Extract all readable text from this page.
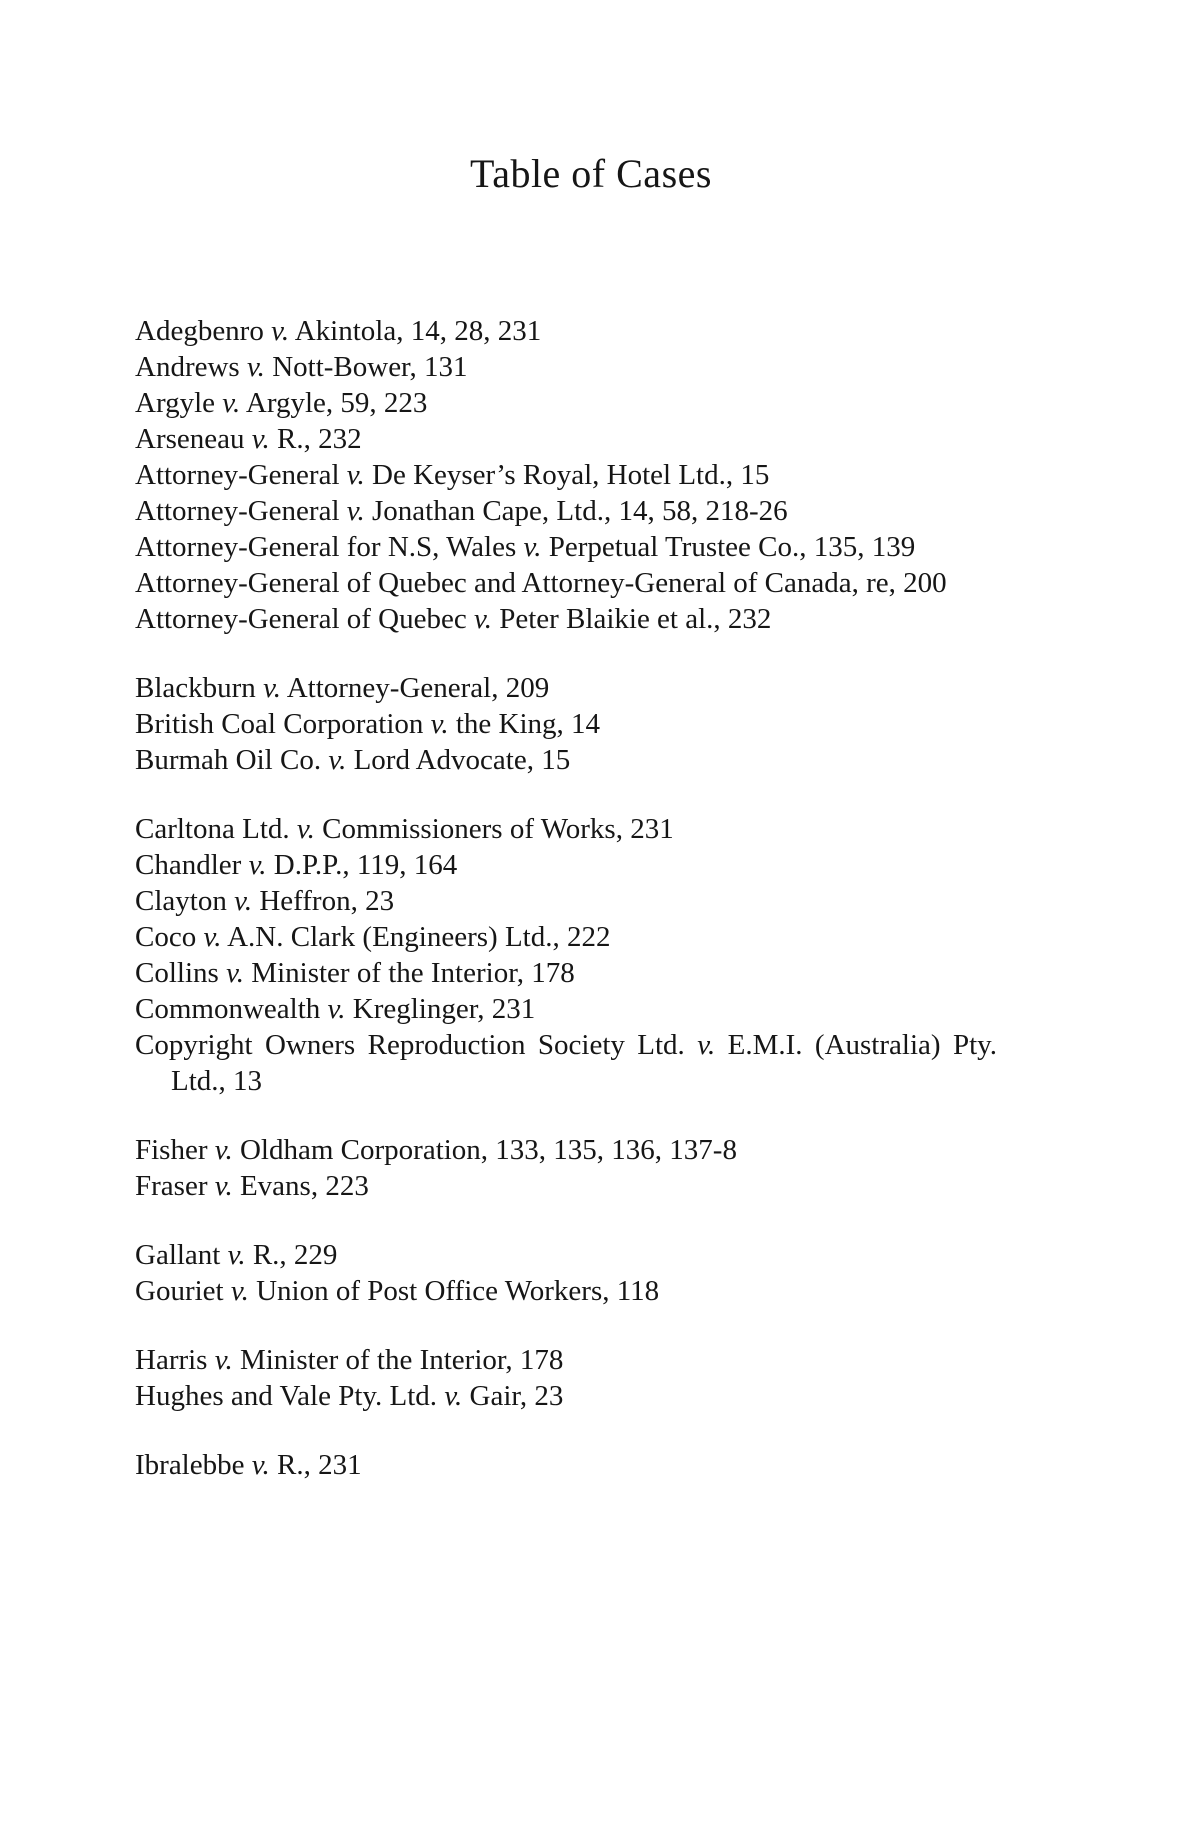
Table of Cases
Adegbenro v. Akintola, 14, 28, 231
Andrews v. Nott-Bower, 131
Argyle v. Argyle, 59, 223
Arseneau v. R., 232
Attorney-General v. De Keyser’s Royal, Hotel Ltd., 15
Attorney-General v. Jonathan Cape, Ltd., 14, 58, 218-26
Attorney-General for N.S, Wales v. Perpetual Trustee Co., 135, 139
Attorney-General of Quebec and Attorney-General of Canada, re, 200
Attorney-General of Quebec v. Peter Blaikie et al., 232
Blackburn v. Attorney-General, 209
British Coal Corporation v. the King, 14
Burmah Oil Co. v. Lord Advocate, 15
Carltona Ltd. v. Commissioners of Works, 231
Chandler v. D.P.P., 119, 164
Clayton v. Heffron, 23
Coco v. A.N. Clark (Engineers) Ltd., 222
Collins v. Minister of the Interior, 178
Commonwealth v. Kreglinger, 231
Copyright Owners Reproduction Society Ltd. v. E.M.I. (Australia) Pty. Ltd., 13
Fisher v. Oldham Corporation, 133, 135, 136, 137-8
Fraser v. Evans, 223
Gallant v. R., 229
Gouriet v. Union of Post Office Workers, 118
Harris v. Minister of the Interior, 178
Hughes and Vale Pty. Ltd. v. Gair, 23
Ibralebbe v. R., 231
